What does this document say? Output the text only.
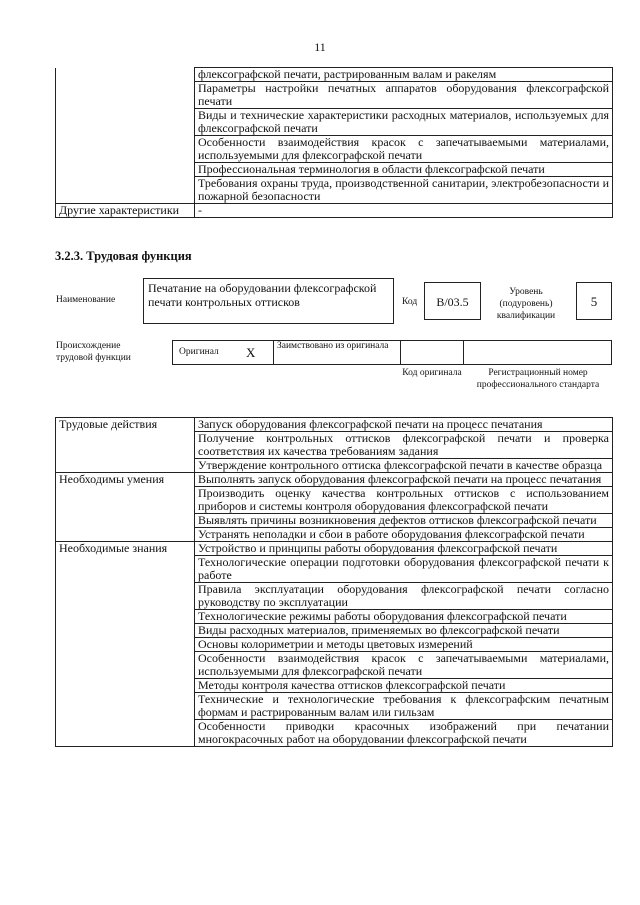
11
	флексографской печати, растрированным валам и ракелям
	Параметры настройки печатных аппаратов оборудования флексографской печати
	Виды и технические характеристики расходных материалов, используемых для флексографской печати
	Особенности взаимодействия красок с запечатываемыми материалами, используемыми для флексографской печати
	Профессиональная терминология в области флексографской печати
	Требования охраны труда, производственной санитарии, электробезопасности и пожарной безопасности
Другие характеристики	-
3.2.3. Трудовая функция
Наименование
Печатание на оборудовании флексографской печати контрольных оттисков	Код	B/03.5
Уровень (подуровень) квалификации
5
Происхождение трудовой функции
Оригинал X Заимствовано из оригинала
Код оригинала	Регистрационный номер профессионального стандарта
Трудовые действия	Запуск оборудования флексографской печати на процесс печатания
	Получение контрольных оттисков флексографской печати и проверка соответствия их качества требованиям задания
	Утверждение контрольного оттиска флексографской печати в качестве образца
Необходимы умения	Выполнять запуск оборудования флексографской печати на процесс печатания
	Производить оценку качества контрольных оттисков с использованием приборов и системы контроля оборудования флексографской печати
	Выявлять причины возникновения дефектов оттисков флексографской печати
	Устранять неполадки и сбои в работе оборудования флексографской печати
Необходимые знания	Устройство и принципы работы оборудования флексографской печати
	Технологические операции подготовки оборудования флексографской печати к работе
	Правила эксплуатации оборудования флексографской печати согласно руководству по эксплуатации
	Технологические режимы работы оборудования флексографской печати
	Виды расходных материалов, применяемых во флексографской печати
	Основы колориметрии и методы цветовых измерений
	Особенности взаимодействия красок с запечатываемыми материалами, используемыми для флексографской печати
	Методы контроля качества оттисков флексографской печати
	Технические и технологические требования к флексографским печатным формам и растрированным валам или гильзам
	Особенности приводки красочных изображений при печатании многокрасочных работ на оборудовании флексографской печати
